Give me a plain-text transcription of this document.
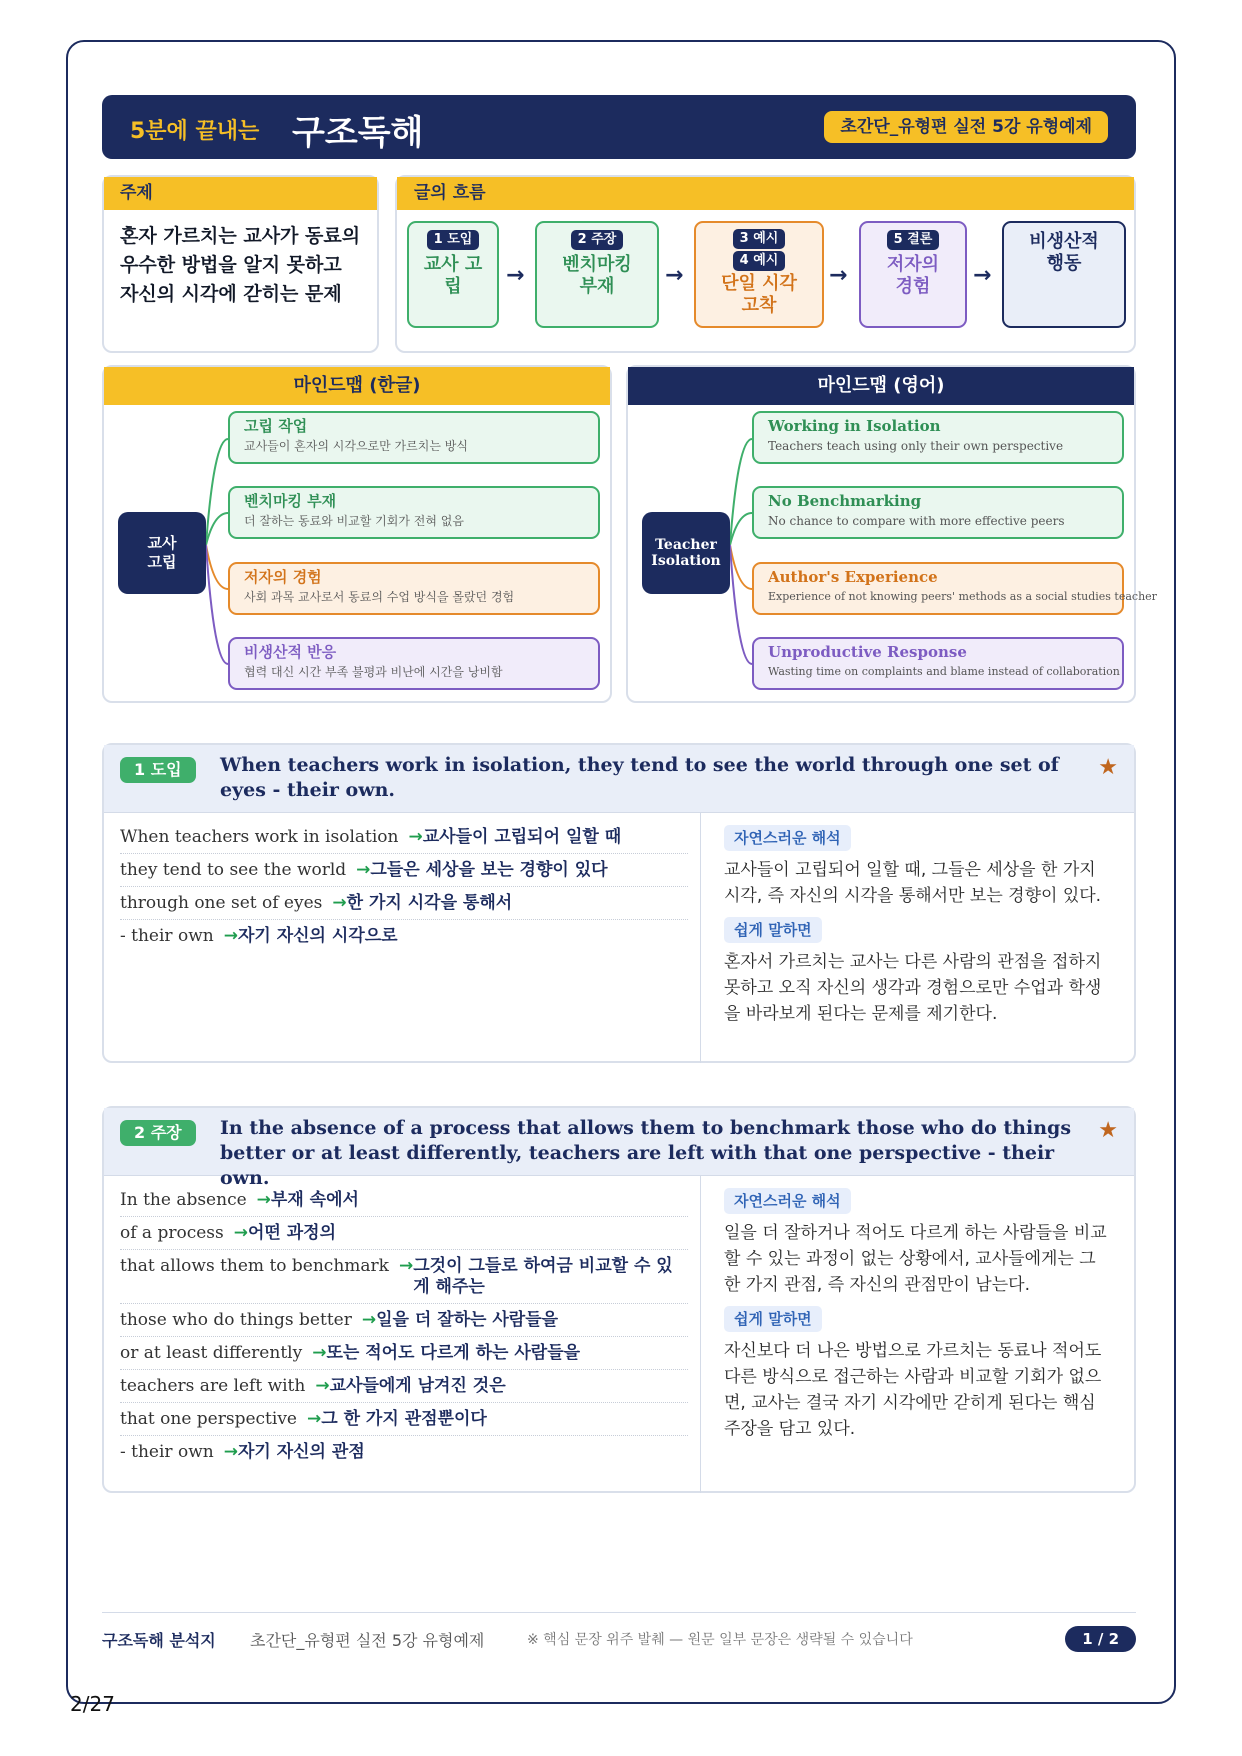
5분에 끝내는 구조독해	초간단_유형편 실전 5강 유형예제
주제
혼자 가르치는 교사가 동료의 우수한 방법을 알지 못하고 자신의 시각에 갇히는 문제
글의 흐름
1 도입
교사 고립	→
2 주장
벤치마킹 부재	→
3 예시
4 예시
단일 시각 고착
→
5 결론
저자의 경험	→
비생산적 행동
마인드맵 (한글)
교사 고립
고립 작업
교사들이 혼자의 시각으로만 가르치는 방식
벤치마킹 부재
더 잘하는 동료와 비교할 기회가 전혀 없음
저자의 경험
사회 과목 교사로서 동료의 수업 방식을 몰랐던 경험
비생산적 반응
협력 대신 시간 부족 불평과 비난에 시간을 낭비함
마인드맵 (영어)
Teacher Isolation
Working in Isolation
Teachers teach using only their own perspective
No Benchmarking
No chance to compare with more effective peers
Author's Experience
Experience of not knowing peers' methods as a social studies teacher
Unproductive Response
Wasting time on complaints and blame instead of collaboration
1 도입	When teachers work in isolation, they tend to see the world through one set of eyes - their own.
★
When teachers work in isolation →교사들이 고립되어 일할 때
they tend to see the world →그들은 세상을 보는 경향이 있다
through one set of eyes →한 가지 시각을 통해서
- their own →자기 자신의 시각으로
자연스러운 해석
교사들이 고립되어 일할 때, 그들은 세상을 한 가지 시각, 즉 자신의 시각을 통해서만 보는 경향이 있다.
쉽게 말하면
혼자서 가르치는 교사는 다른 사람의 관점을 접하지 못하고 오직 자신의 생각과 경험으로만 수업과 학생을 바라보게 된다는 문제를 제기한다.
2 주장	In the absence of a process that allows them to benchmark those who do things better or at least differently, teachers are left with that one perspective - their own.
★
In the absence →부재 속에서
of a process →어떤 과정의
that allows them to benchmark → 그것이 그들로 하여금 비교할 수 있게 해주는
those who do things better →일을 더 잘하는 사람들을
or at least differently →또는 적어도 다르게 하는 사람들을
teachers are left with →교사들에게 남겨진 것은
that one perspective →그 한 가지 관점뿐이다
- their own →자기 자신의 관점
자연스러운 해석
일을 더 잘하거나 적어도 다르게 하는 사람들을 비교할 수 있는 과정이 없는 상황에서, 교사들에게는 그 한 가지 관점, 즉 자신의 관점만이 남는다.
쉽게 말하면
자신보다 더 나은 방법으로 가르치는 동료나 적어도 다른 방식으로 접근하는 사람과 비교할 기회가 없으면, 교사는 결국 자기 시각에만 갇히게 된다는 핵심 주장을 담고 있다.
구조독해 분석지 초간단_유형편 실전 5강 유형예제	※ 핵심 문장 위주 발췌 — 원문 일부 문장은 생략될 수 있습니다	1 / 2
2/27
